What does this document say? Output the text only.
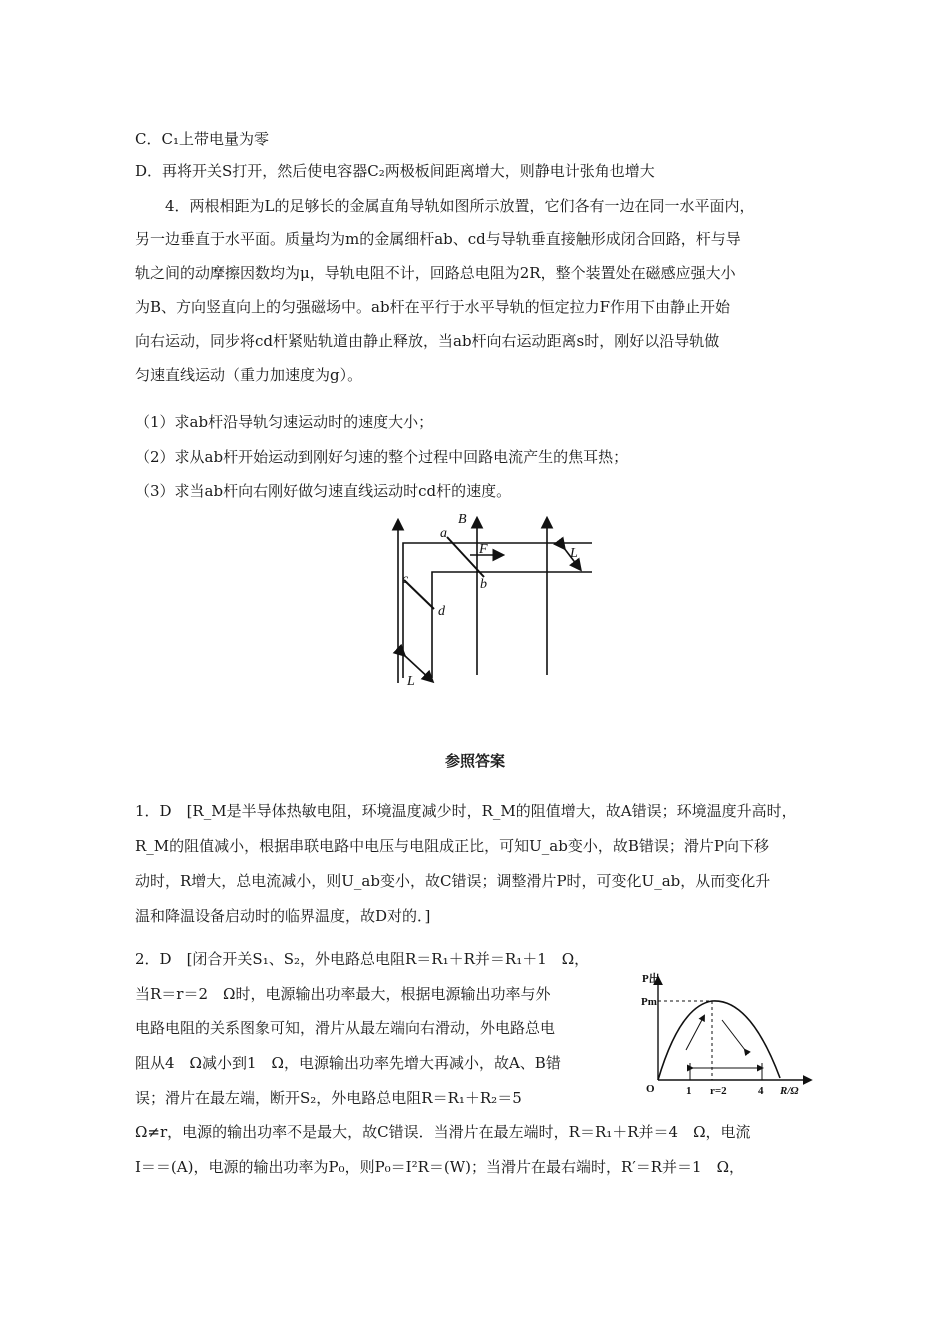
C．C₁上带电量为零
D．再将开关S打开，然后使电容器C₂两极板间距离增大，则静电计张角也增大
4．两根相距为L的足够长的金属直角导轨如图所示放置，它们各有一边在同一水平面内，
另一边垂直于水平面。质量均为m的金属细杆ab、cd与导轨垂直接触形成闭合回路，杆与导
轨之间的动摩擦因数均为μ，导轨电阻不计，回路总电阻为2R，整个装置处在磁感应强大小
为B、方向竖直向上的匀强磁场中。ab杆在平行于水平导轨的恒定拉力F作用下由静止开始
向右运动，同步将cd杆紧贴轨道由静止释放，当ab杆向右运动距离s时，刚好以沿导轨做
匀速直线运动（重力加速度为g）。
（1）求ab杆沿导轨匀速运动时的速度大小；
（2）求从ab杆开始运动到刚好匀速的整个过程中回路电流产生的焦耳热；
（3）求当ab杆向右刚好做匀速直线运动时cd杆的速度。
B
a
F
b
c
d
L
L
参照答案
1．D　[R_M是半导体热敏电阻，环境温度减少时，R_M的阻值增大，故A错误；环境温度升高时，
R_M的阻值减小，根据串联电路中电压与电阻成正比，可知U_ab变小，故B错误；滑片P向下移
动时，R增大，总电流减小，则U_ab变小，故C错误；调整滑片P时，可变化U_ab，从而变化升
温和降温设备启动时的临界温度，故D对的．]
2．D　[闭合开关S₁、S₂，外电路总电阻R＝R₁＋R并＝R₁＋1　Ω，
当R＝r＝2　Ω时，电源输出功率最大，根据电源输出功率与外
电路电阻的关系图象可知，滑片从最左端向右滑动，外电路总电
阻从4　Ω减小到1　Ω，电源输出功率先增大再减小，故A、B错
误；滑片在最左端，断开S₂，外电路总电阻R＝R₁＋R₂＝5
Ω≠r，电源的输出功率不是最大，故C错误．当滑片在最左端时，R＝R₁＋R并＝4　Ω，电流
I＝＝(A)，电源的输出功率为P₀，则P₀＝I²R＝(W)；当滑片在最右端时，R′＝R并＝1　Ω，
P出
Pm
O	1 r=2	4 R/Ω
